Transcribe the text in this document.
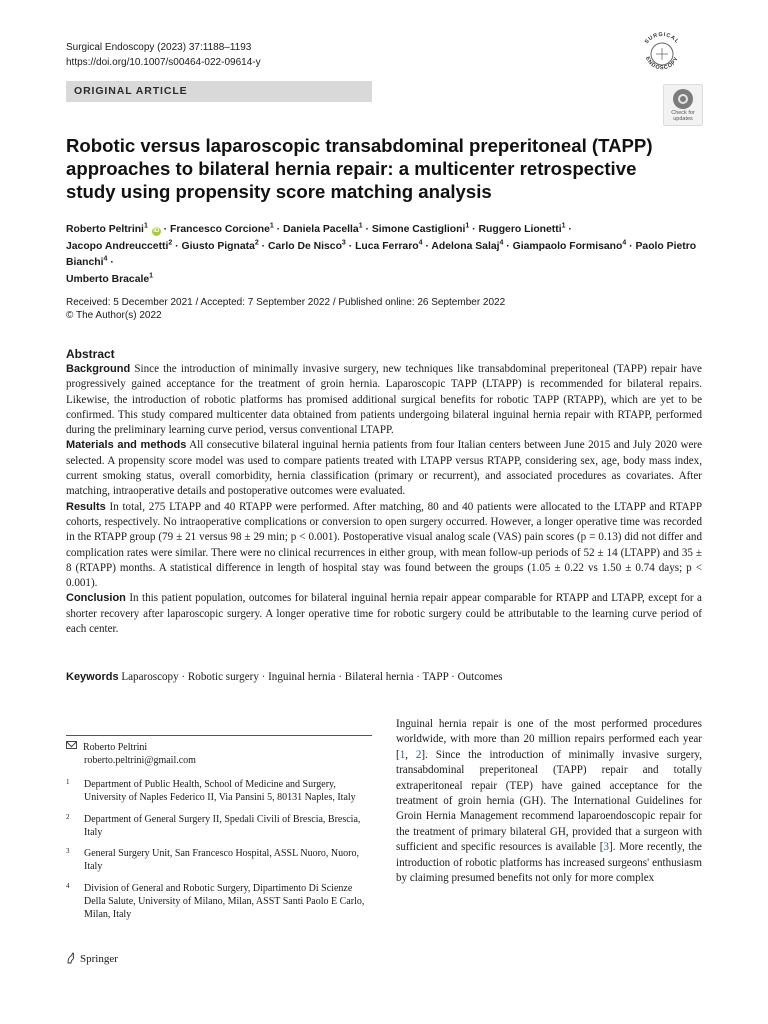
Surgical Endoscopy (2023) 37:1188–1193
https://doi.org/10.1007/s00464-022-09614-y
SURGICAL
ENDOSCOPY
ORIGINAL ARTICLE
Check for
updates
Robotic versus laparoscopic transabdominal preperitoneal (TAPP) approaches to bilateral hernia repair: a multicenter retrospective study using propensity score matching analysis
Roberto Peltrini$^1$ iD · Francesco Corcione$^1$ · Daniela Pacella$^1$ · Simone Castiglioni$^1$ · Ruggero Lionetti$^1$ ·
Jacopo Andreuccetti$^2$ · Giusto Pignata$^2$ · Carlo De Nisco$^3$ · Luca Ferraro$^4$ · Adelona Salaj$^4$ · Giampaolo Formisano$^4$ · Paolo Pietro Bianchi$^4$ ·
Umberto Bracale$^1$
Received: 5 December 2021 / Accepted: 7 September 2022 / Published online: 26 September 2022
© The Author(s) 2022
Abstract

Background Since the introduction of minimally invasive surgery, new techniques like transabdominal preperitoneal (TAPP) repair have progressively gained acceptance for the treatment of groin hernia. Laparoscopic TAPP (LTAPP) is recommended for bilateral repairs. Likewise, the introduction of robotic platforms has promised additional surgical benefits for robotic TAPP (RTAPP), which are yet to be confirmed. This study compared multicenter data obtained from patients undergoing bilateral inguinal hernia repair with RTAPP, performed during the preliminary learning curve period, versus conventional LTAPP.

Materials and methods All consecutive bilateral inguinal hernia patients from four Italian centers between June 2015 and July 2020 were selected. A propensity score model was used to compare patients treated with LTAPP versus RTAPP, considering sex, age, body mass index, current smoking status, overall comorbidity, hernia classification (primary or recurrent), and associated procedures as covariates. After matching, intraoperative details and postoperative outcomes were evaluated.

Results In total, 275 LTAPP and 40 RTAPP were performed. After matching, 80 and 40 patients were allocated to the LTAPP and RTAPP cohorts, respectively. No intraoperative complications or conversion to open surgery occurred. However, a longer operative time was recorded in the RTAPP group (79 ± 21 versus 98 ± 29 min; p < 0.001). Postoperative visual analog scale (VAS) pain scores (p = 0.13) did not differ and complication rates were similar. There were no clinical recurrences in either group, with mean follow-up periods of 52 ± 14 (LTAPP) and 35 ± 8 (RTAPP) months. A statistical difference in length of hospital stay was found between the groups (1.05 ± 0.22 vs 1.50 ± 0.74 days; p < 0.001).

Conclusion In this patient population, outcomes for bilateral inguinal hernia repair appear comparable for RTAPP and LTAPP, except for a shorter recovery after laparoscopic surgery. A longer operative time for robotic surgery could be attributable to the learning curve period of each center.

Keywords Laparoscopy · Robotic surgery · Inguinal hernia · Bilateral hernia · TAPP · Outcomes
Roberto Peltrini
roberto.peltrini@gmail.com
1 Department of Public Health, School of Medicine and Surgery, University of Naples Federico II, Via Pansini 5, 80131 Naples, Italy
2 Department of General Surgery II, Spedali Civili of Brescia, Brescia, Italy
3 General Surgery Unit, San Francesco Hospital, ASSL Nuoro, Nuoro, Italy
4 Division of General and Robotic Surgery, Dipartimento Di Scienze Della Salute, University of Milano, Milan, ASST Santi Paolo E Carlo, Milan, Italy

Inguinal hernia repair is one of the most performed procedures worldwide, with more than 20 million repairs performed each year [1, 2]. Since the introduction of minimally invasive surgery, transabdominal preperitoneal (TAPP) repair and totally extraperitoneal repair (TEP) have gained acceptance for the treatment of groin hernia (GH). The International Guidelines for Groin Hernia Management recommend laparoendoscopic repair for the treatment of primary bilateral GH, provided that a surgeon with sufficient and specific resources is available [3]. More recently, the introduction of robotic platforms has increased surgeons' enthusiasm by claiming presumed benefits not only for more complex

Springer
